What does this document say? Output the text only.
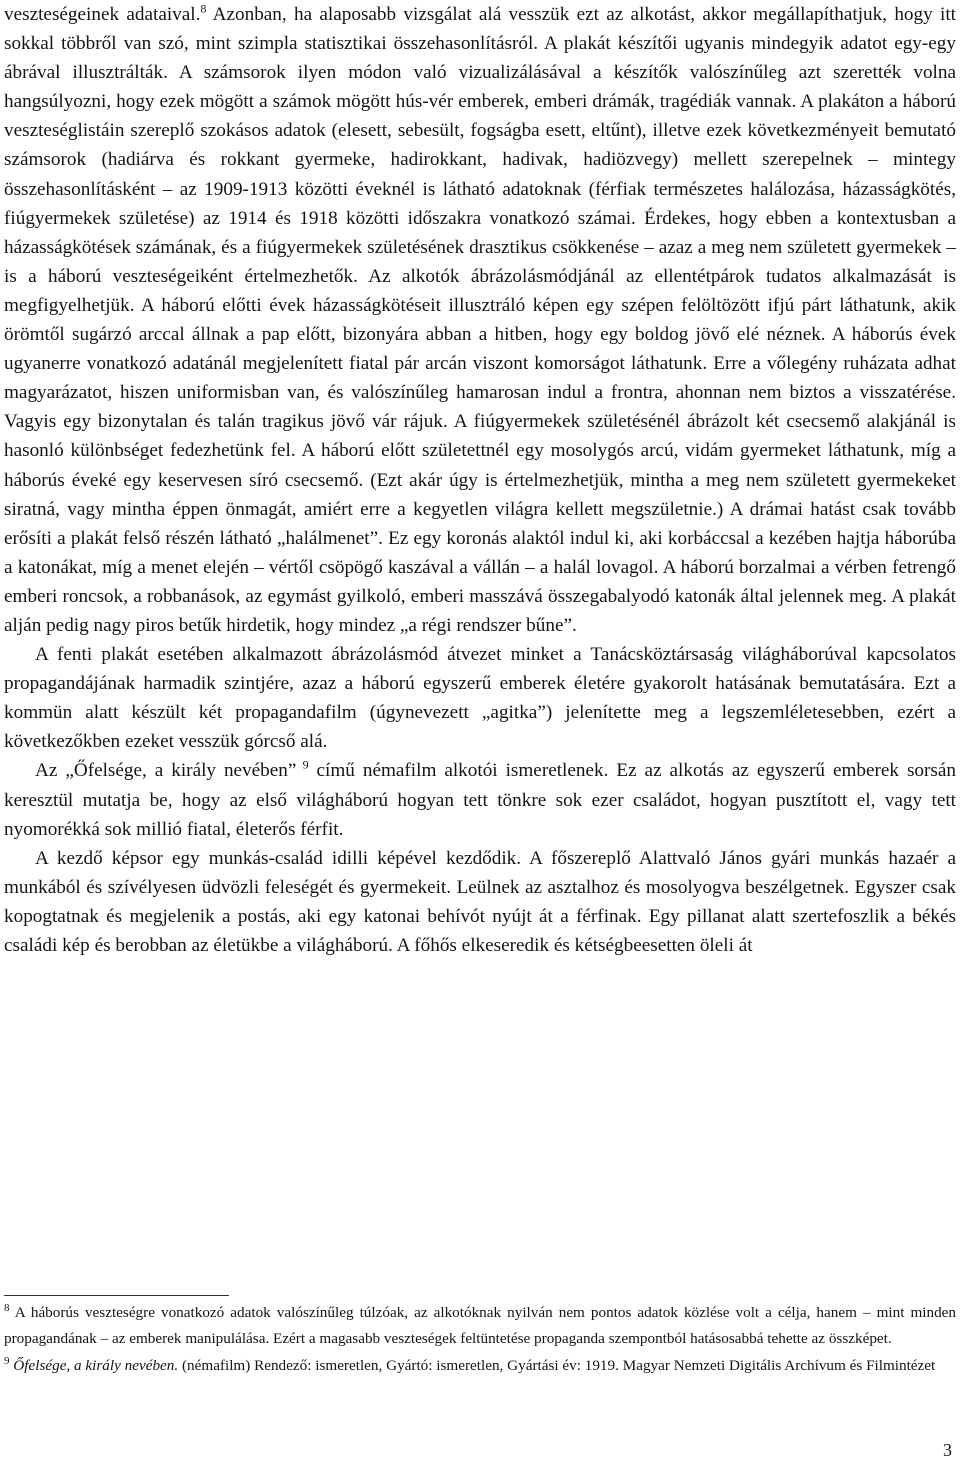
veszteségeinek adataival.$^8$ Azonban, ha alaposabb vizsgálat alá vesszük ezt az alkotást, akkor megállapíthatjuk, hogy itt sokkal többről van szó, mint szimpla statisztikai összehasonlításról. A plakát készítői ugyanis mindegyik adatot egy-egy ábrával illusztrálták. A számsorok ilyen módon való vizualizálásával a készítők valószínűleg azt szerették volna hangsúlyozni, hogy ezek mögött a számok mögött hús-vér emberek, emberi drámák, tragédiák vannak. A plakáton a háború veszteséglistáin szereplő szokásos adatok (elesett, sebesült, fogságba esett, eltűnt), illetve ezek következményeit bemutató számsorok (hadiárva és rokkant gyermeke, hadirokkant, hadivak, hadiözvegy) mellett szerepelnek – mintegy összehasonlításként – az 1909-1913 közötti éveknél is látható adatoknak (férfiak természetes halálozása, házasságkötés, fiúgyermekek születése) az 1914 és 1918 közötti időszakra vonatkozó számai. Érdekes, hogy ebben a kontextusban a házasságkötések számának, és a fiúgyermekek születésének drasztikus csökkenése – azaz a meg nem született gyermekek – is a háború veszteségeiként értelmezhetők. Az alkotók ábrázolásmódjánál az ellentétpárok tudatos alkalmazását is megfigyelhetjük. A háború előtti évek házasságkötéseit illusztráló képen egy szépen felöltözött ifjú párt láthatunk, akik örömtől sugárzó arccal állnak a pap előtt, bizonyára abban a hitben, hogy egy boldog jövő elé néznek. A háborús évek ugyanerre vonatkozó adatánál megjelenített fiatal pár arcán viszont komorságot láthatunk. Erre a vőlegény ruházata adhat magyarázatot, hiszen uniformisban van, és valószínűleg hamarosan indul a frontra, ahonnan nem biztos a visszatérése. Vagyis egy bizonytalan és talán tragikus jövő vár rájuk. A fiúgyermekek születésénél ábrázolt két csecsemő alakjánál is hasonló különbséget fedezhetünk fel. A háború előtt születettnél egy mosolygós arcú, vidám gyermeket láthatunk, míg a háborús éveké egy keservesen síró csecsemő. (Ezt akár úgy is értelmezhetjük, mintha a meg nem született gyermekeket siratná, vagy mintha éppen önmagát, amiért erre a kegyetlen világra kellett megszületnie.) A drámai hatást csak tovább erősíti a plakát felső részén látható „halálmenet”. Ez egy koronás alaktól indul ki, aki korbáccsal a kezében hajtja háborúba a katonákat, míg a menet elején – vértől csöpögő kaszával a vállán – a halál lovagol. A háború borzalmai a vérben fetrengő emberi roncsok, a robbanások, az egymást gyilkoló, emberi masszává összegabalyodó katonák által jelennek meg. A plakát alján pedig nagy piros betűk hirdetik, hogy mindez „a régi rendszer bűne”.

A fenti plakát esetében alkalmazott ábrázolásmód átvezet minket a Tanácsköztársaság világháborúval kapcsolatos propagandájának harmadik szintjére, azaz a háború egyszerű emberek életére gyakorolt hatásának bemutatására. Ezt a kommün alatt készült két propagandafilm (úgynevezett „agitka”) jelenítette meg a legszemléletesebben, ezért a következőkben ezeket vesszük górcső alá.

Az „Őfelsége, a király nevében” $^9$ című némafilm alkotói ismeretlenek. Ez az alkotás az egyszerű emberek sorsán keresztül mutatja be, hogy az első világháború hogyan tett tönkre sok ezer családot, hogyan pusztított el, vagy tett nyomorékká sok millió fiatal, életerős férfit.

A kezdő képsor egy munkás-család idilli képével kezdődik. A főszereplő Alattvaló János gyári munkás hazaér a munkából és szívélyesen üdvözli feleségét és gyermekeit. Leülnek az asztalhoz és mosolyogva beszélgetnek. Egyszer csak kopogtatnak és megjelenik a postás, aki egy katonai behívót nyújt át a férfinak. Egy pillanat alatt szertefoszlik a békés családi kép és berobban az életükbe a világháború. A főhős elkeseredik és kétségbeesetten öleli át

$^8$ A háborús veszteségre vonatkozó adatok valószínűleg túlzóak, az alkotóknak nyilván nem pontos adatok közlése volt a célja, hanem – mint minden propagandának – az emberek manipulálása. Ezért a magasabb veszteségek feltüntetése propaganda szempontból hatásosabbá tehette az összképet.

$^9$ Őfelsége, a király nevében. (némafilm) Rendező: ismeretlen, Gyártó: ismeretlen, Gyártási év: 1919. Magyar Nemzeti Digitális Archívum és Filmintézet

3
